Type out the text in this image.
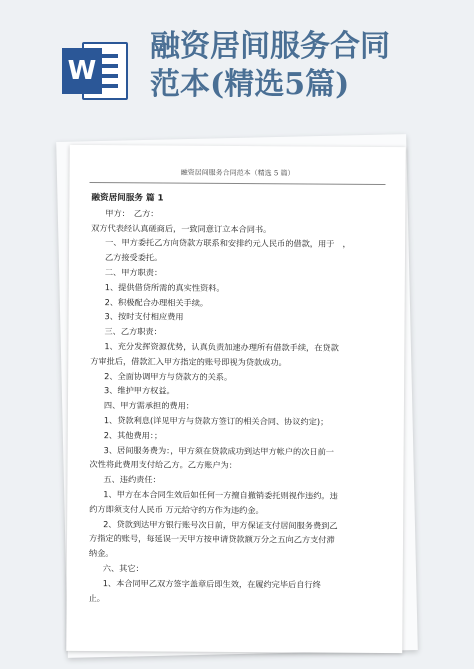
W
融资居间服务合同
范本(精选5篇)
融资居间服务合同范本（精选 5 篇）

融资居间服务 篇 1

甲方：　乙方：

双方代表经认真磋商后，一致同意订立本合同书。

一、甲方委托乙方向贷款方联系和安排约元人民币的借款，用于　，

乙方接受委托。

二、甲方职责：

1、提供借贷所需的真实性资料。

2、积极配合办理相关手续。

3、按时支付相应费用

三、乙方职责：

1、充分发挥资源优势，认真负责加速办理所有借款手续，在贷款

方审批后，借款汇入甲方指定的账号即视为贷款成功。

2、全面协调甲方与贷款方的关系。

3、维护甲方权益。

四、甲方需承担的费用：

1、贷款利息(详见甲方与贷款方签订的相关合同、协议约定)；

2、其他费用：；

3、居间服务费为：，甲方须在贷款成功到达甲方帐户的次日前一

次性将此费用支付给乙方。乙方账户为：

五、违约责任：

1、甲方在本合同生效后如任何一方擅自撤销委托则视作违约。违

约方即须支付人民币 万元给守约方作为违约金。

2、贷款到达甲方银行账号次日前，甲方保证支付居间服务费到乙

方指定的账号，每延误一天甲方按申请贷款额万分之五向乙方支付滞

纳金。

六、其它：

1、本合同甲乙双方签字盖章后即生效，在履约完毕后自行终

止。
